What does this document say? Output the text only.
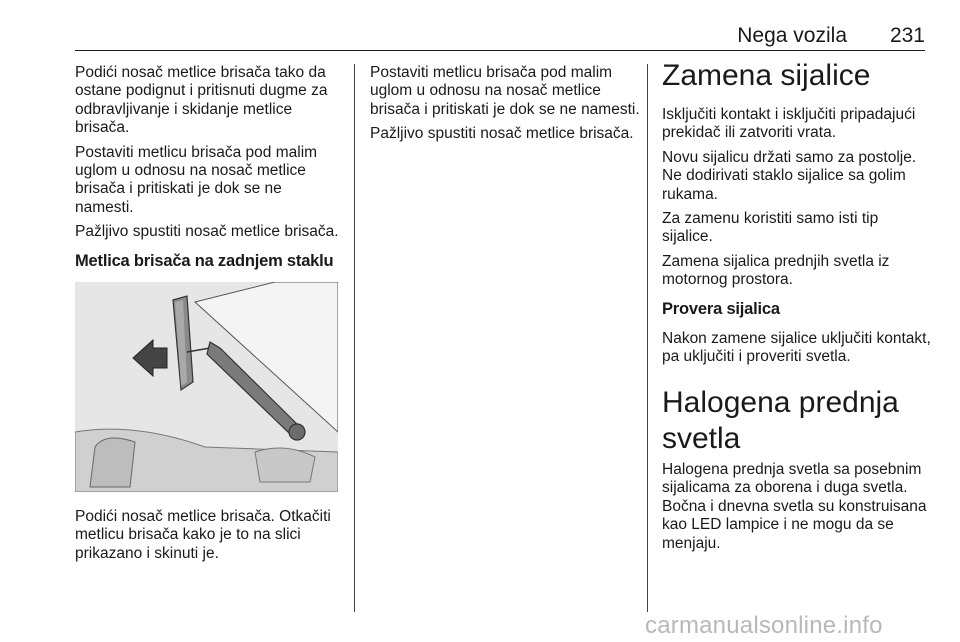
Nega vozila 231

Podići nosač metlice brisača tako da ostane podignut i pritisnuti dugme za odbravljivanje i skidanje metlice brisača.

Postaviti metlicu brisača pod malim uglom u odnosu na nosač metlice brisača i pritiskati je dok se ne namesti.

Pažljivo spustiti nosač metlice brisača.

Metlica brisača na zadnjem staklu

Podići nosač metlice brisača. Otkačiti metlicu brisača kako je to na slici prikazano i skinuti je.

Postaviti metlicu brisača pod malim uglom u odnosu na nosač metlice brisača i pritiskati je dok se ne namesti.

Pažljivo spustiti nosač metlice brisača.

Zamena sijalice

Isključiti kontakt i isključiti pripadajući prekidač ili zatvoriti vrata.

Novu sijalicu držati samo za postolje. Ne dodirivati staklo sijalice sa golim rukama.

Za zamenu koristiti samo isti tip sijalice.

Zamena sijalica prednjih svetla iz motornog prostora.

Provera sijalica

Nakon zamene sijalice uključiti kontakt, pa uključiti i proveriti svetla.

Halogena prednja svetla

Halogena prednja svetla sa posebnim sijalicama za oborena i duga svetla. Bočna i dnevna svetla su konstruisana kao LED lampice i ne mogu da se menjaju.

carmanualsonline.info
